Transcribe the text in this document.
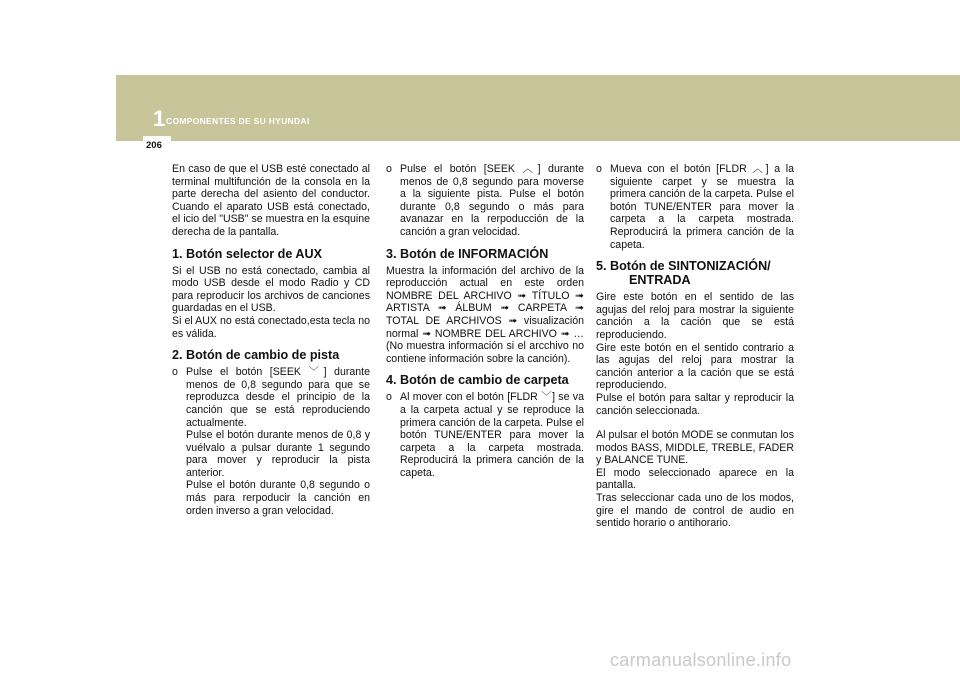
1 COMPONENTES DE SU HYUNDAI
206

En caso de que el USB esté conectado al terminal multifunción de la consola en la parte derecha del asiento del conductor. Cuando el aparato USB está conectado, el icio del "USB" se muestra en la esquine derecha de la pantalla.

1. Botón selector de AUX

Si el USB no está conectado, cambia al modo USB desde el modo Radio y CD para reproducir los archivos de canciones guardadas en el USB.

Si el AUX no está conectado,esta tecla no es válida.

2. Botón de cambio de pista
o Pulse el botón [SEEK ﹀] durante menos de 0,8 segundo para que se reproduzca desde el principio de la canción que se está reproduciendo actualmente.

Pulse el botón durante menos de 0,8 y vuélvalo a pulsar durante 1 segundo para mover y reproducir la pista anterior.

Pulse el botón durante 0,8 segundo o más para rerpoducir la canción en orden inverso a gran velocidad.

o Pulse el botón [SEEK ︿] durante menos de 0,8 segundo para moverse a la siguiente pista. Pulse el botón durante 0,8 segundo o más para avanazar en la rerpoducción de la canción a gran velocidad.

3. Botón de INFORMACIÓN

Muestra la información del archivo de la reproducción actual en este orden NOMBRE DEL ARCHIVO ➟ TÍTULO ➟ ARTISTA ➟ ÁLBUM ➟ CARPETA ➟ TOTAL DE ARCHIVOS ➟ visualización normal ➟ NOMBRE DEL ARCHIVO ➟ … (No muestra información si el arcchivo no contiene información sobre la canción).

4. Botón de cambio de carpeta
o Al mover con el botón [FLDR ﹀] se va a la carpeta actual y se reproduce la primera canción de la carpeta. Pulse el botón TUNE/ENTER para mover la carpeta a la carpeta mostrada. Reproducirá la primera canción de la capeta.

o Mueva con el botón [FLDR ︿] a la siguiente carpet y se muestra la primera canción de la carpeta. Pulse el botón TUNE/ENTER para mover la carpeta a la carpeta mostrada. Reproducirá la primera canción de la capeta.

5. Botón de SINTONIZACIÓN/
ENTRADA

Gire este botón en el sentido de las agujas del reloj para mostrar la siguiente canción a la cación que se está reproduciendo.

Gire este botón en el sentido contrario a las agujas del reloj para mostrar la canción anterior a la cación que se está reproduciendo.

Pulse el botón para saltar y reproducir la canción seleccionada.

Al pulsar el botón MODE se conmutan los modos BASS, MIDDLE, TREBLE, FADER y BALANCE TUNE.

El modo seleccionado aparece en la pantalla.

Tras seleccionar cada uno de los modos, gire el mando de control de audio en sentido horario o antihorario.

carmanualsonline.info
